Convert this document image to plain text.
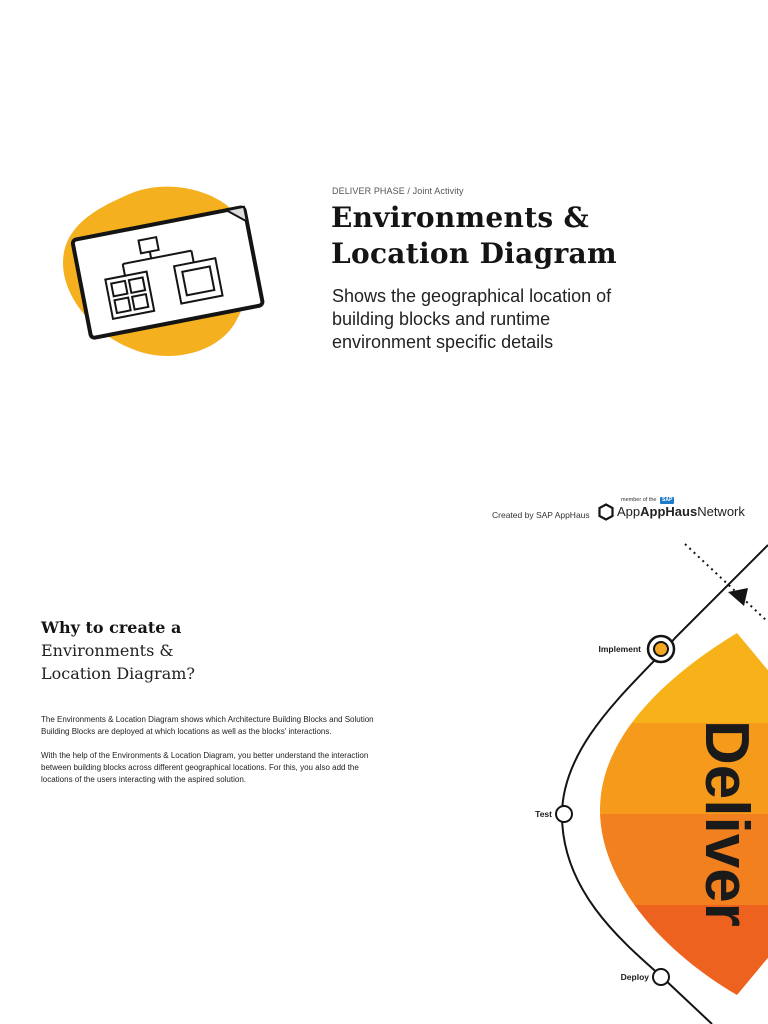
DELIVER PHASE / Joint Activity
Environments &
Location Diagram

Shows the geographical location of building blocks and runtime environment specific details

Created by SAP AppHaus
member of the	SAP
AppAppHausNetwork
Why to create a

Environments &
Location Diagram?

The Environments & Location Diagram shows which Architecture Building Blocks and Solution Building Blocks are deployed at which locations as well as the blocks' interactions.

With the help of the Environments & Location Diagram, you better understand the interaction between building blocks across different geographical locations. For this, you also add the locations of the users interacting with the aspired solution.	Deliver
Implement
Test
Deploy
